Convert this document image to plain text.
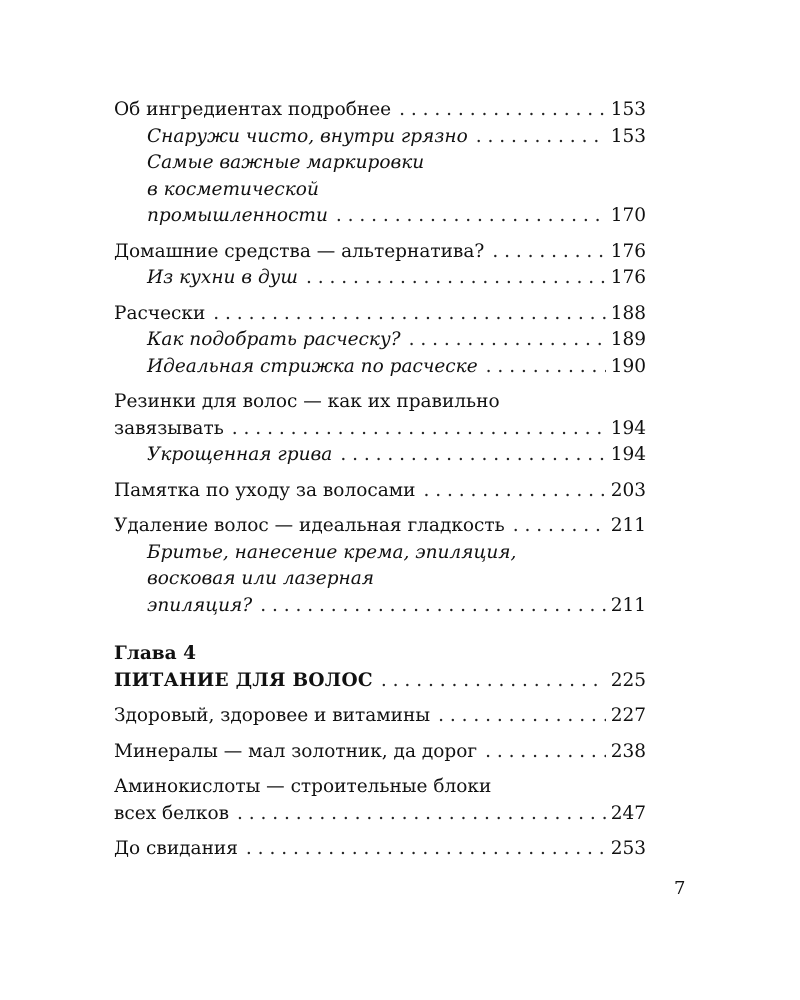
Об ингредиентах подробнее . . .	153
Снаружи чисто, внутри грязно . . .	153
Самые важные маркировки
в косметической
промышленности . . .	170
Домашние средства — альтернатива? . . .	176
Из кухни в душ . . .	176
Расчески . . .	188
Как подобрать расческу? . . .	189
Идеальная стрижка по расческе . . .	190
Резинки для волос — как их правильно
завязывать . . .	194
Укрощенная грива . . .	194
Памятка по уходу за волосами . . .	203
Удаление волос — идеальная гладкость . . .	211
Бритье, нанесение крема, эпиляция,
восковая или лазерная
эпиляция? . . .	211
Глава 4
ПИТАНИЕ ДЛЯ ВОЛОС . . .	225
Здоровый, здоровее и витамины . . .	227
Минералы — мал золотник, да дорог . . .	238
Аминокислоты — строительные блоки
всех белков . . .	247
До свидания . . .	253
7
